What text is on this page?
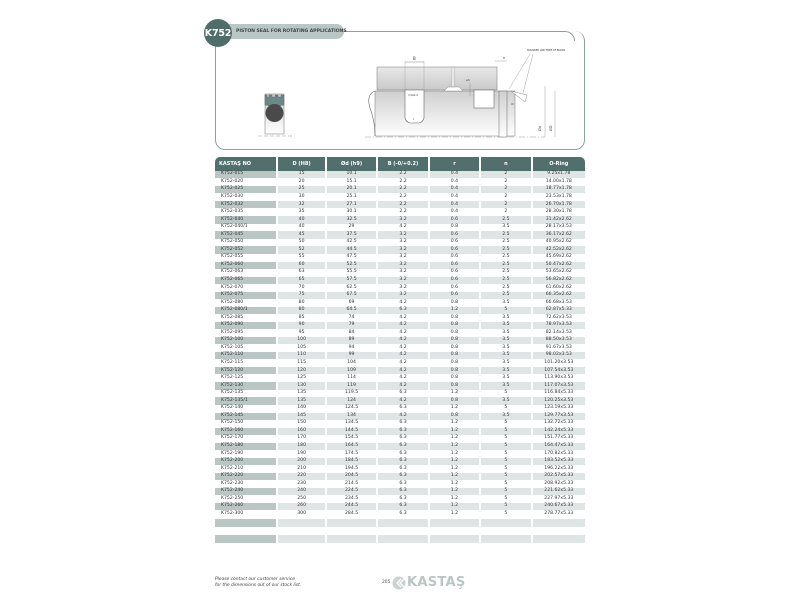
K752 PISTON SEAL FOR ROTATING APPLICATIONS
B
r/3x0.2
r
eh
n
ROUNDED AND FREE OF BURRS
m
Ød ØD
KASTAŞ NO	D (H8)	Ød (h9)	B (-0/+0.2)	r	n	O-Ring
K752-015	15	10.1	2.2	0.4	2	9.25x1.78
K752-020	20	15.1	2.2	0.4	2	14.00x1.78
K752-025	25	20.1	2.2	0.4	2	18.77x1.78
K752-030	30	25.1	2.2	0.4	2	23.53x1.78
K752-032	32	27.1	2.2	0.4	2	26.70x1.78
K752-035	35	30.1	2.2	0.4	2	28.30x1.78
K752-040	40	32.5	3.2	0.6	2.5	31.42x2.62
K752-040/1	40	29	4.2	0.8	3.5	28.17x3.53
K752-045	45	37.5	3.2	0.6	2.5	36.17x2.62
K752-050	50	42.5	3.2	0.6	2.5	40.95x2.62
K752-052	52	44.5	3.2	0.6	2.5	42.52x2.62
K752-055	55	47.5	3.2	0.6	2.5	45.69x2.62
K752-060	60	52.5	3.2	0.6	2.5	50.47x2.62
K752-063	63	55.5	3.2	0.6	2.5	53.65x2.62
K752-065	65	57.5	3.2	0.6	2.5	56.82x2.62
K752-070	70	62.5	3.2	0.6	2.5	61.60x2.62
K752-075	75	67.5	3.2	0.6	2.5	66.35x2.62
K752-080	80	69	4.2	0.8	3.5	66.68x3.53
K752-080/1	80	64.5	6.3	1.2	5	62.87x5.33
K752-085	85	74	4.2	0.8	3.5	72.62x3.53
K752-090	90	79	4.2	0.8	3.5	78.97x3.53
K752-095	95	84	4.2	0.8	3.5	82.14x3.53
K752-100	100	89	4.2	0.8	3.5	88.50x3.53
K752-105	105	94	4.2	0.8	3.5	91.67x3.53
K752-110	110	99	4.2	0.8	3.5	98.02x3.53
K752-115	115	104	4.2	0.8	3.5	101.20x3.53
K752-120	120	109	4.2	0.8	3.5	107.54x3.53
K752-125	125	114	4.2	0.8	3.5	113.90x3.53
K752-130	130	119	4.2	0.8	3.5	117.07x3.53
K752-135	135	119.5	6.3	1.2	5	116.84x5.33
K752-135/1	135	124	4.2	0.8	3.5	120.25x3.53
K752-140	140	124.5	6.3	1.2	5	123.19x5.33
K752-145	145	134	4.2	0.8	3.5	129.77x3.53
K752-150	150	134.5	6.3	1.2	5	132.72x5.33
K752-160	160	144.5	6.3	1.2	5	142.24x5.33
K752-170	170	154.5	6.3	1.2	5	151.77x5.33
K752-180	180	164.5	6.3	1.2	5	164.47x5.33
K752-190	190	174.5	6.3	1.2	5	170.82x5.33
K752-200	200	184.5	6.3	1.2	5	183.52x5.33
K752-210	210	194.5	6.3	1.2	5	196.22x5.33
K752-220	220	204.5	6.3	1.2	5	202.57x5.33
K752-230	230	214.5	6.3	1.2	5	208.92x5.33
K752-240	240	224.5	6.3	1.2	5	221.62x5.33
K752-250	250	234.5	6.3	1.2	5	227.97x5.33
K752-260	260	244.5	6.3	1.2	5	240.67x5.33
K752-300	300	284.5	6.3	1.2	5	278.77x5.33
Please contact our customer service
for the dimensions out of our stock list.
205 KASTAŞ
